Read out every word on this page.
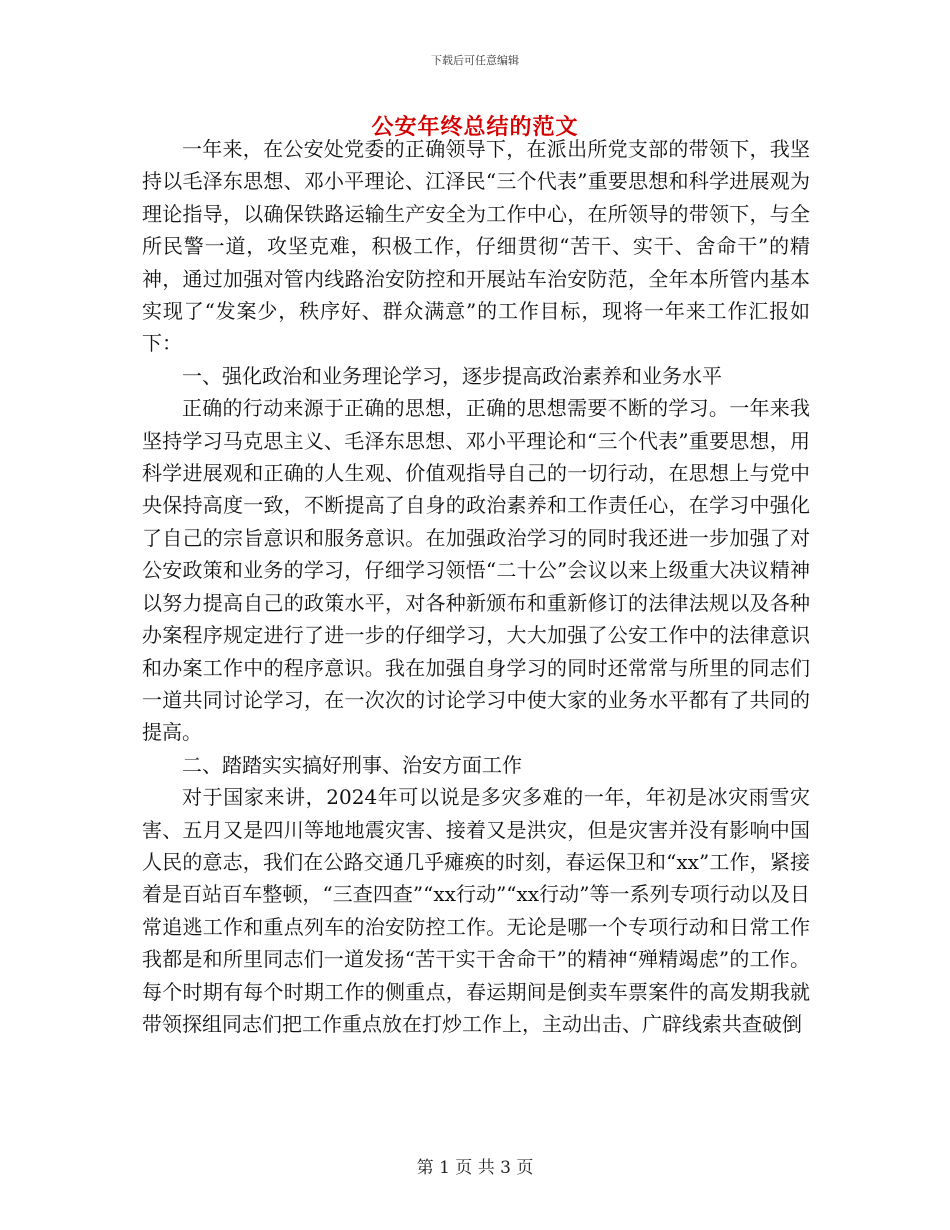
下载后可任意编辑
公安年终总结的范文

一年来，在公安处党委的正确领导下，在派出所党支部的带领下，我坚持以毛泽东思想、邓小平理论、江泽民“三个代表”重要思想和科学进展观为理论指导，以确保铁路运输生产安全为工作中心，在所领导的带领下，与全所民警一道，攻坚克难，积极工作，仔细贯彻“苦干、实干、舍命干”的精神，通过加强对管内线路治安防控和开展站车治安防范，全年本所管内基本实现了“发案少，秩序好、群众满意”的工作目标，现将一年来工作汇报如下：

一、强化政治和业务理论学习，逐步提高政治素养和业务水平

正确的行动来源于正确的思想，正确的思想需要不断的学习。一年来我坚持学习马克思主义、毛泽东思想、邓小平理论和“三个代表”重要思想，用科学进展观和正确的人生观、价值观指导自己的一切行动，在思想上与党中央保持高度一致，不断提高了自身的政治素养和工作责任心，在学习中强化了自己的宗旨意识和服务意识。在加强政治学习的同时我还进一步加强了对公安政策和业务的学习，仔细学习领悟“二十公”会议以来上级重大决议精神以努力提高自己的政策水平，对各种新颁布和重新修订的法律法规以及各种办案程序规定进行了进一步的仔细学习，大大加强了公安工作中的法律意识和办案工作中的程序意识。我在加强自身学习的同时还常常与所里的同志们一道共同讨论学习，在一次次的讨论学习中使大家的业务水平都有了共同的提高。

二、踏踏实实搞好刑事、治安方面工作

对于国家来讲，2024年可以说是多灾多难的一年，年初是冰灾雨雪灾害、五月又是四川等地地震灾害、接着又是洪灾，但是灾害并没有影响中国人民的意志，我们在公路交通几乎瘫痪的时刻，春运保卫和“xx”工作，紧接着是百站百车整顿，“三查四查”“xx行动”“xx行动”等一系列专项行动以及日常追逃工作和重点列车的治安防控工作。无论是哪一个专项行动和日常工作我都是和所里同志们一道发扬“苦干实干舍命干”的精神“殚精竭虑”的工作。每个时期有每个时期工作的侧重点，春运期间是倒卖车票案件的高发期我就带领探组同志们把工作重点放在打炒工作上，主动出击、广辟线索共查破倒

第 1 页 共 3 页
